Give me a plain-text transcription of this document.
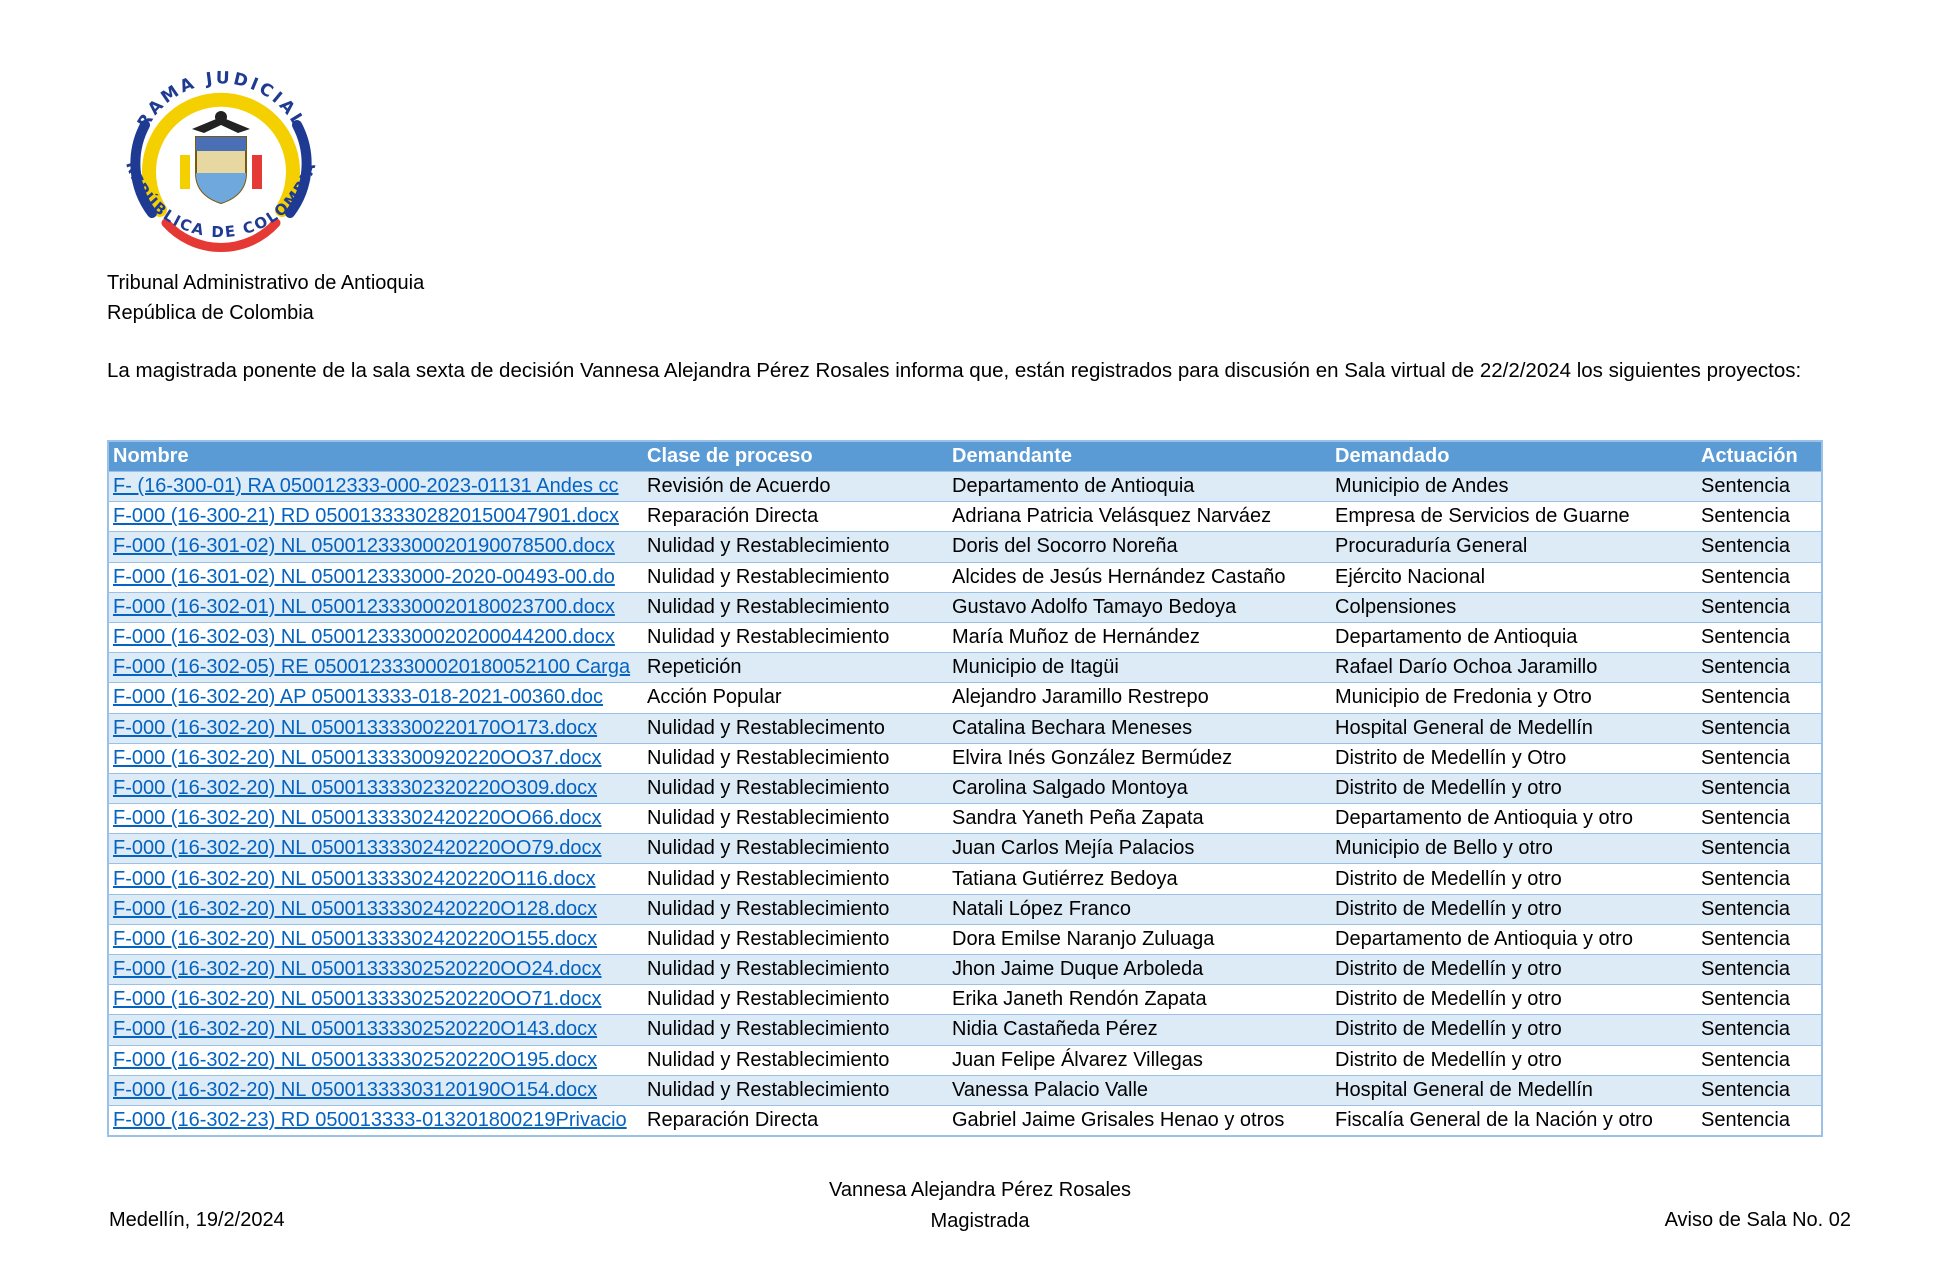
RAMA JUDICIAL
REPÚBLICA DE COLOMBIA
Tribunal Administrativo de Antioquia
República de Colombia
La magistrada ponente de la sala sexta de decisión Vannesa Alejandra Pérez Rosales informa que, están registrados para discusión en Sala virtual de 22/2/2024 los siguientes proyectos:
Nombre	Clase de proceso	Demandante	Demandado	Actuación
F- (16-300-01) RA 050012333-000-2023-01131 Andes cc	Revisión de Acuerdo	Departamento de Antioquia	Municipio de Andes	Sentencia
F-000 (16-300-21) RD 05001333302820150047901.docx	Reparación Directa	Adriana Patricia Velásquez Narváez	Empresa de Servicios de Guarne	Sentencia
F-000 (16-301-02) NL 05001233300020190078500.docx	Nulidad y Restablecimiento	Doris del Socorro Noreña	Procuraduría General	Sentencia
F-000 (16-301-02) NL 050012333000-2020-00493-00.do	Nulidad y Restablecimiento	Alcides de Jesús Hernández Castaño	Ejército Nacional	Sentencia
F-000 (16-302-01) NL 05001233300020180023700.docx	Nulidad y Restablecimiento	Gustavo Adolfo Tamayo Bedoya	Colpensiones	Sentencia
F-000 (16-302-03) NL 05001233300020200044200.docx	Nulidad y Restablecimiento	María Muñoz de Hernández	Departamento de Antioquia	Sentencia
F-000 (16-302-05) RE 05001233300020180052100 Carga	Repetición	Municipio de Itagüi	Rafael Darío Ochoa Jaramillo	Sentencia
F-000 (16-302-20) AP 050013333-018-2021-00360.doc	Acción Popular	Alejandro Jaramillo Restrepo	Municipio de Fredonia y Otro	Sentencia
F-000 (16-302-20) NL 05001333300220170O173.docx	Nulidad y Restablecimento	Catalina Bechara Meneses	Hospital General de Medellín	Sentencia
F-000 (16-302-20) NL 05001333300920220OO37.docx	Nulidad y Restablecimiento	Elvira Inés González Bermúdez	Distrito de Medellín y Otro	Sentencia
F-000 (16-302-20) NL 05001333302320220O309.docx	Nulidad y Restablecimiento	Carolina Salgado Montoya	Distrito de Medellín y otro	Sentencia
F-000 (16-302-20) NL 05001333302420220OO66.docx	Nulidad y Restablecimiento	Sandra Yaneth Peña Zapata	Departamento de Antioquia y otro	Sentencia
F-000 (16-302-20) NL 05001333302420220OO79.docx	Nulidad y Restablecimiento	Juan Carlos Mejía Palacios	Municipio de Bello y otro	Sentencia
F-000 (16-302-20) NL 05001333302420220O116.docx	Nulidad y Restablecimiento	Tatiana Gutiérrez Bedoya	Distrito de Medellín y otro	Sentencia
F-000 (16-302-20) NL 05001333302420220O128.docx	Nulidad y Restablecimiento	Natali López Franco	Distrito de Medellín y otro	Sentencia
F-000 (16-302-20) NL 05001333302420220O155.docx	Nulidad y Restablecimiento	Dora Emilse Naranjo Zuluaga	Departamento de Antioquia y otro	Sentencia
F-000 (16-302-20) NL 05001333302520220OO24.docx	Nulidad y Restablecimiento	Jhon Jaime Duque Arboleda	Distrito de Medellín y otro	Sentencia
F-000 (16-302-20) NL 05001333302520220OO71.docx	Nulidad y Restablecimiento	Erika Janeth Rendón Zapata	Distrito de Medellín y otro	Sentencia
F-000 (16-302-20) NL 05001333302520220O143.docx	Nulidad y Restablecimiento	Nidia Castañeda Pérez	Distrito de Medellín y otro	Sentencia
F-000 (16-302-20) NL 05001333302520220O195.docx	Nulidad y Restablecimiento	Juan Felipe Álvarez Villegas	Distrito de Medellín y otro	Sentencia
F-000 (16-302-20) NL 05001333303120190O154.docx	Nulidad y Restablecimiento	Vanessa Palacio Valle	Hospital General de Medellín	Sentencia
F-000 (16-302-23) RD 050013333-013201800219Privacio	Reparación Directa	Gabriel Jaime Grisales Henao y otros	Fiscalía General de la Nación y otro	Sentencia
Medellín, 19/2/2024
Vannesa Alejandra Pérez Rosales
Magistrada	Aviso de Sala No. 02
